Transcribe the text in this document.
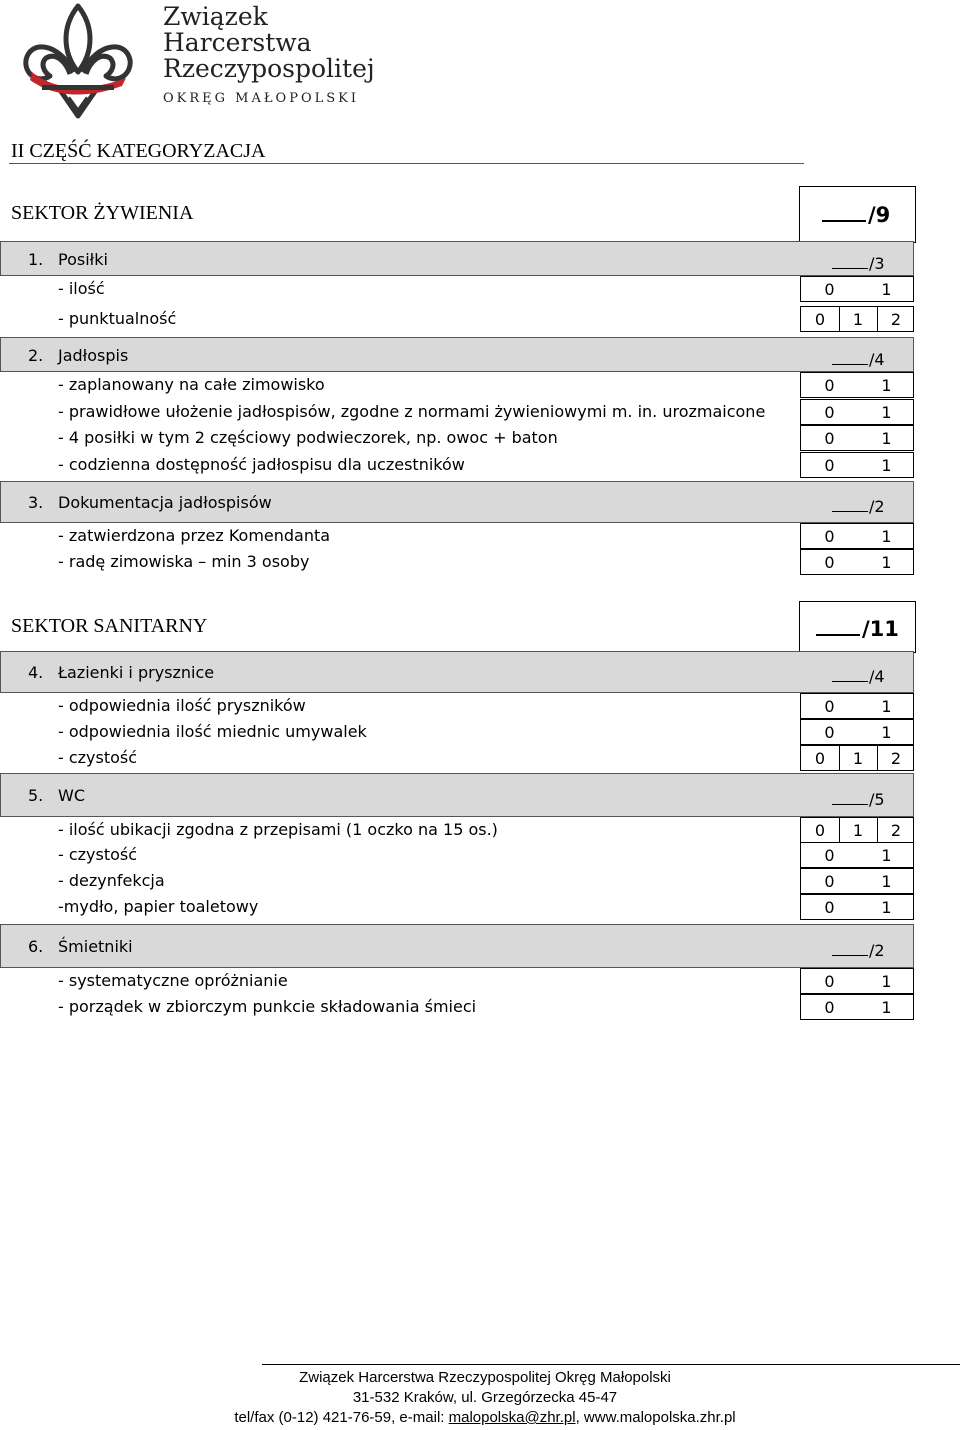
Związek
Harcerstwa
Rzeczypospolitej
OKRĘG MAŁOPOLSKI
II CZĘŚĆ KATEGORYZACJA
SEKTOR ŻYWIENIA	/9
SEKTOR SANITARNY	/11
1. Posiłki	/3
- ilość	0	1
- punktualność	0	1	2
2. Jadłospis	/4
- zaplanowany na całe zimowisko	0	1
- prawidłowe ułożenie jadłospisów, zgodne z normami żywieniowymi m. in. urozmaicone	0	1
- 4 posiłki w tym 2 częściowy podwieczorek, np. owoc + baton	0	1
- codzienna dostępność jadłospisu dla uczestników	0	1
3. Dokumentacja jadłospisów	/2
- zatwierdzona przez Komendanta	0	1
- radę zimowiska – min 3 osoby	0	1
4. Łazienki i prysznice	/4
- odpowiednia ilość pryszników	0	1
- odpowiednia ilość miednic umywalek	0	1
- czystość	0	1	2
5. WC	/5
- ilość ubikacji zgodna z przepisami (1 oczko na 15 os.)	0	1	2
- czystość	0	1
- dezynfekcja	0	1
-mydło, papier toaletowy	0	1
6. Śmietniki	/2
- systematyczne opróżnianie	0	1
- porządek w zbiorczym punkcie składowania śmieci	0	1
Związek Harcerstwa Rzeczypospolitej Okręg Małopolski
31-532 Kraków, ul. Grzegórzecka 45-47
tel/fax (0-12) 421-76-59, e-mail: malopolska@zhr.pl, www.malopolska.zhr.pl
